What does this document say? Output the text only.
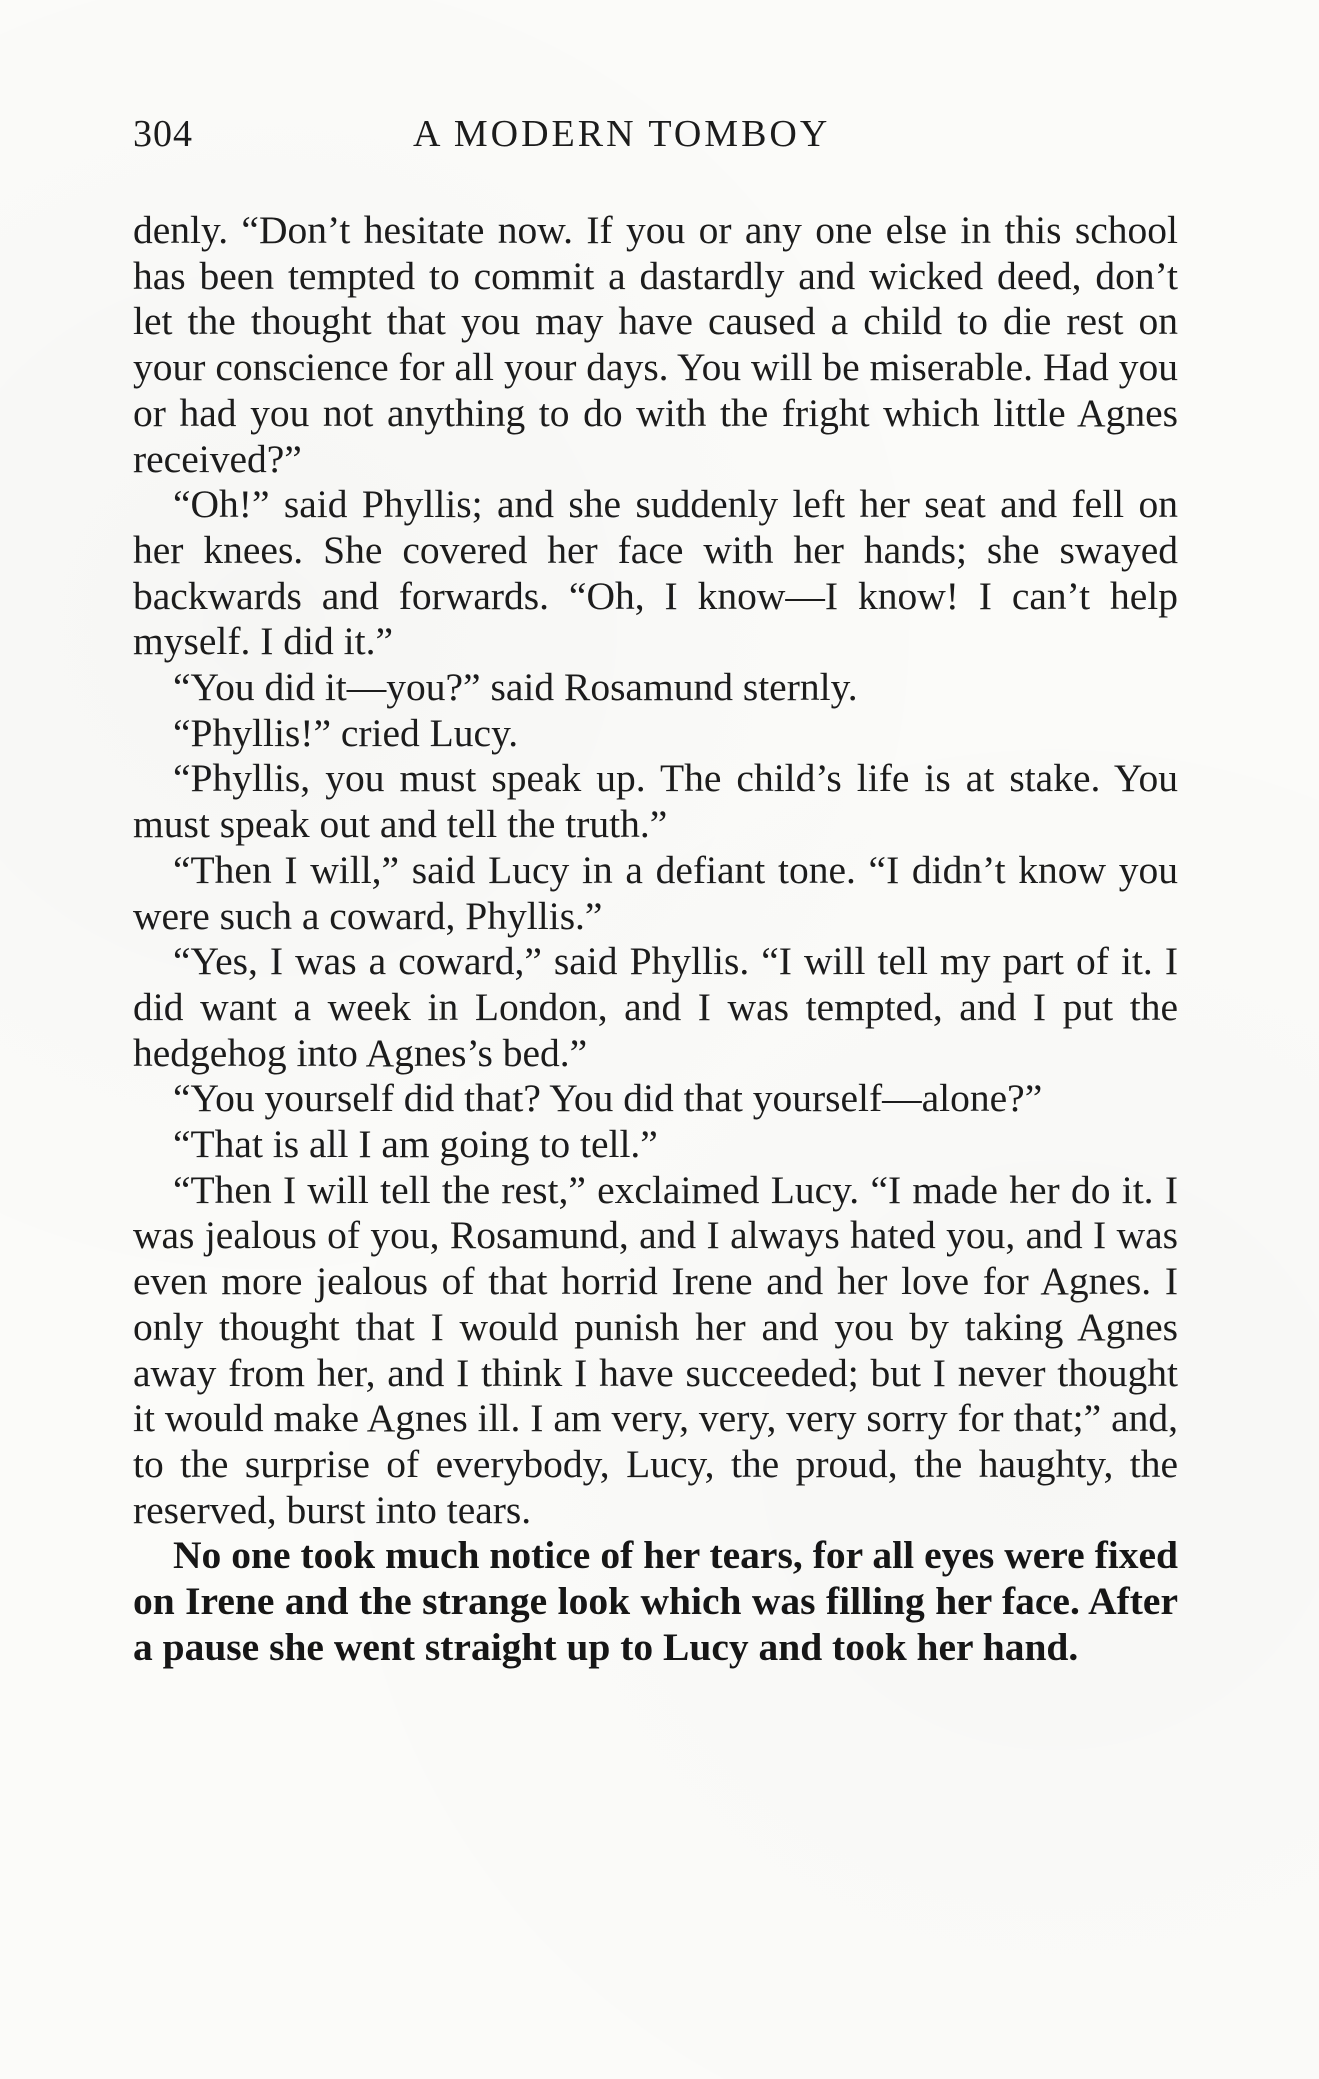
304	A MODERN TOMBOY

denly. “Don’t hesitate now. If you or any one else in this school has been tempted to commit a dastardly and wicked deed, don’t let the thought that you may have caused a child to die rest on your conscience for all your days. You will be miserable. Had you or had you not anything to do with the fright which little Agnes received?”

“Oh!” said Phyllis; and she suddenly left her seat and fell on her knees. She covered her face with her hands; she swayed backwards and forwards. “Oh, I know—I know! I can’t help myself. I did it.”

“You did it—you?” said Rosamund sternly.

“Phyllis!” cried Lucy.

“Phyllis, you must speak up. The child’s life is at stake. You must speak out and tell the truth.”

“Then I will,” said Lucy in a defiant tone. “I didn’t know you were such a coward, Phyllis.”

“Yes, I was a coward,” said Phyllis. “I will tell my part of it. I did want a week in London, and I was tempted, and I put the hedgehog into Agnes’s bed.”

“You yourself did that? You did that yourself—alone?”

“That is all I am going to tell.”

“Then I will tell the rest,” exclaimed Lucy. “I made her do it. I was jealous of you, Rosamund, and I always hated you, and I was even more jealous of that horrid Irene and her love for Agnes. I only thought that I would punish her and you by taking Agnes away from her, and I think I have succeeded; but I never thought it would make Agnes ill. I am very, very, very sorry for that;” and, to the surprise of everybody, Lucy, the proud, the haughty, the reserved, burst into tears.

No one took much notice of her tears, for all eyes were fixed on Irene and the strange look which was filling her face. After a pause she went straight up to Lucy and took her hand.
